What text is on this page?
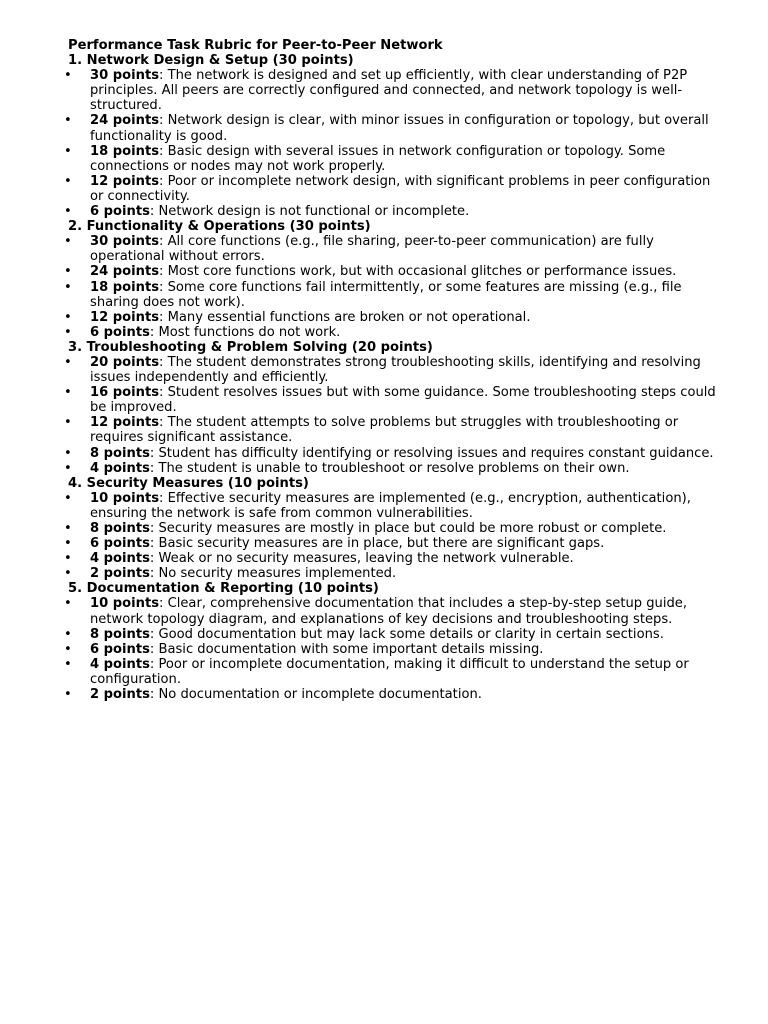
Performance Task Rubric for Peer-to-Peer Network
1. Network Design & Setup (30 points)
• 30 points: The network is designed and set up efficiently, with clear understanding of P2P principles. All peers are correctly configured and connected, and network topology is well-structured.
• 24 points: Network design is clear, with minor issues in configuration or topology, but overall functionality is good.
• 18 points: Basic design with several issues in network configuration or topology. Some connections or nodes may not work properly.
• 12 points: Poor or incomplete network design, with significant problems in peer configuration or connectivity.
• 6 points: Network design is not functional or incomplete.
2. Functionality & Operations (30 points)
• 30 points: All core functions (e.g., file sharing, peer-to-peer communication) are fully operational without errors.
• 24 points: Most core functions work, but with occasional glitches or performance issues.
• 18 points: Some core functions fail intermittently, or some features are missing (e.g., file sharing does not work).
• 12 points: Many essential functions are broken or not operational.
• 6 points: Most functions do not work.
3. Troubleshooting & Problem Solving (20 points)
• 20 points: The student demonstrates strong troubleshooting skills, identifying and resolving issues independently and efficiently.
• 16 points: Student resolves issues but with some guidance. Some troubleshooting steps could be improved.
• 12 points: The student attempts to solve problems but struggles with troubleshooting or requires significant assistance.
• 8 points: Student has difficulty identifying or resolving issues and requires constant guidance.
• 4 points: The student is unable to troubleshoot or resolve problems on their own.
4. Security Measures (10 points)
• 10 points: Effective security measures are implemented (e.g., encryption, authentication), ensuring the network is safe from common vulnerabilities.
• 8 points: Security measures are mostly in place but could be more robust or complete.
• 6 points: Basic security measures are in place, but there are significant gaps.
• 4 points: Weak or no security measures, leaving the network vulnerable.
• 2 points: No security measures implemented.
5. Documentation & Reporting (10 points)
• 10 points: Clear, comprehensive documentation that includes a step-by-step setup guide, network topology diagram, and explanations of key decisions and troubleshooting steps.
• 8 points: Good documentation but may lack some details or clarity in certain sections.
• 6 points: Basic documentation with some important details missing.
• 4 points: Poor or incomplete documentation, making it difficult to understand the setup or configuration.
• 2 points: No documentation or incomplete documentation.
